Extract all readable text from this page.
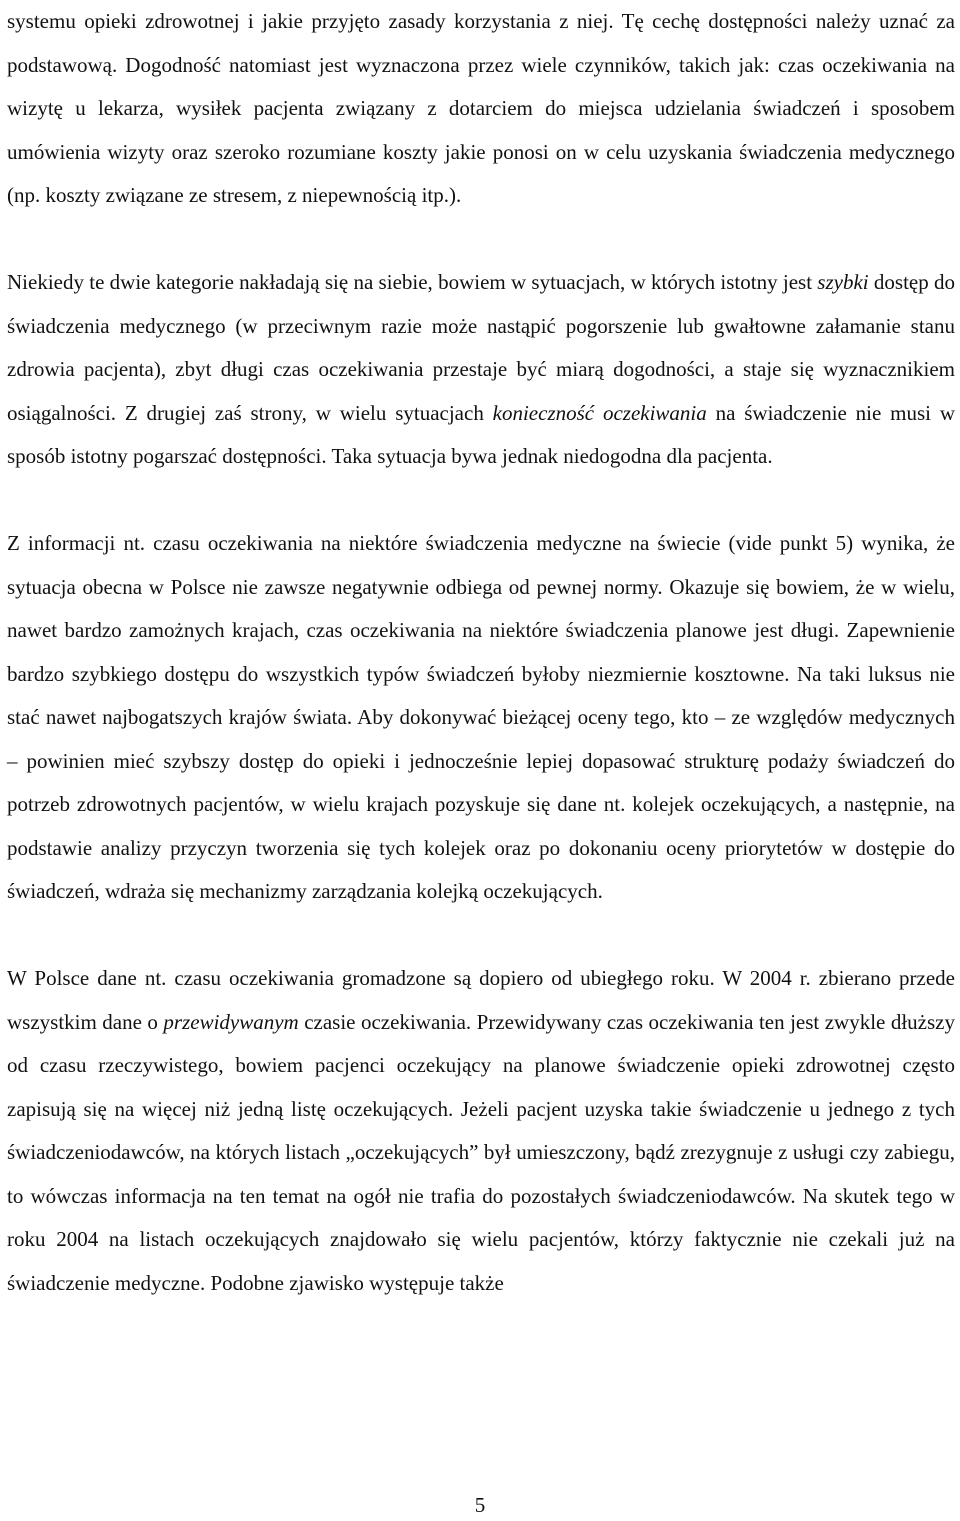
systemu opieki zdrowotnej i jakie przyjęto zasady korzystania z niej. Tę cechę dostępności należy uznać za podstawową. Dogodność natomiast jest wyznaczona przez wiele czynników, takich jak: czas oczekiwania na wizytę u lekarza, wysiłek pacjenta związany z dotarciem do miejsca udzielania świadczeń i sposobem umówienia wizyty oraz szeroko rozumiane koszty jakie ponosi on w celu uzyskania świadczenia medycznego (np. koszty związane ze stresem, z niepewnością itp.).

Niekiedy te dwie kategorie nakładają się na siebie, bowiem w sytuacjach, w których istotny jest szybki dostęp do świadczenia medycznego (w przeciwnym razie może nastąpić pogorszenie lub gwałtowne załamanie stanu zdrowia pacjenta), zbyt długi czas oczekiwania przestaje być miarą dogodności, a staje się wyznacznikiem osiągalności. Z drugiej zaś strony, w wielu sytuacjach konieczność oczekiwania na świadczenie nie musi w sposób istotny pogarszać dostępności. Taka sytuacja bywa jednak niedogodna dla pacjenta.

Z informacji nt. czasu oczekiwania na niektóre świadczenia medyczne na świecie (vide punkt 5) wynika, że sytuacja obecna w Polsce nie zawsze negatywnie odbiega od pewnej normy. Okazuje się bowiem, że w wielu, nawet bardzo zamożnych krajach, czas oczekiwania na niektóre świadczenia planowe jest długi. Zapewnienie bardzo szybkiego dostępu do wszystkich typów świadczeń byłoby niezmiernie kosztowne. Na taki luksus nie stać nawet najbogatszych krajów świata. Aby dokonywać bieżącej oceny tego, kto – ze względów medycznych – powinien mieć szybszy dostęp do opieki i jednocześnie lepiej dopasować strukturę podaży świadczeń do potrzeb zdrowotnych pacjentów, w wielu krajach pozyskuje się dane nt. kolejek oczekujących, a następnie, na podstawie analizy przyczyn tworzenia się tych kolejek oraz po dokonaniu oceny priorytetów w dostępie do świadczeń, wdraża się mechanizmy zarządzania kolejką oczekujących.

W Polsce dane nt. czasu oczekiwania gromadzone są dopiero od ubiegłego roku. W 2004 r. zbierano przede wszystkim dane o przewidywanym czasie oczekiwania. Przewidywany czas oczekiwania ten jest zwykle dłuższy od czasu rzeczywistego, bowiem pacjenci oczekujący na planowe świadczenie opieki zdrowotnej często zapisują się na więcej niż jedną listę oczekujących. Jeżeli pacjent uzyska takie świadczenie u jednego z tych świadczeniodawców, na których listach „oczekujących” był umieszczony, bądź zrezygnuje z usługi czy zabiegu, to wówczas informacja na ten temat na ogół nie trafia do pozostałych świadczeniodawców. Na skutek tego w roku 2004 na listach oczekujących znajdowało się wielu pacjentów, którzy faktycznie nie czekali już na świadczenie medyczne. Podobne zjawisko występuje także

5
